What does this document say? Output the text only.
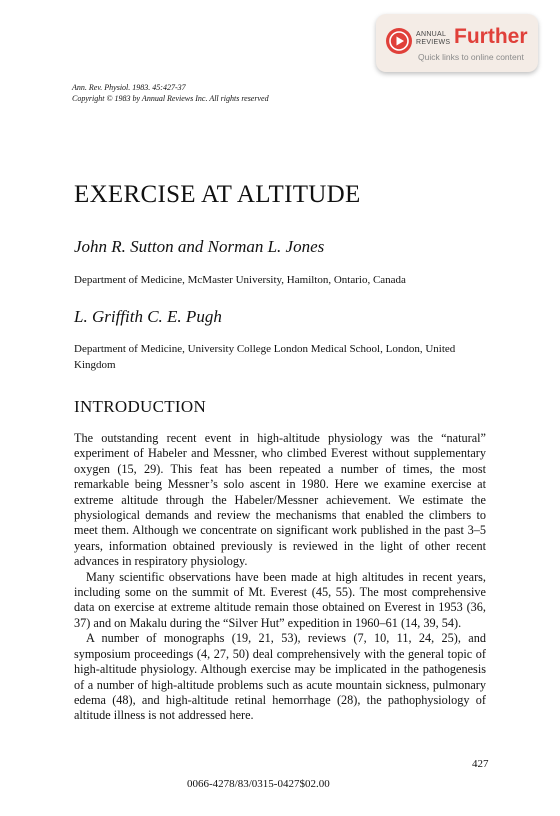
ANNUAL
REVIEWS Further
Quick links to online content
Ann. Rev. Physiol. 1983. 45:427-37
Copyright © 1983 by Annual Reviews Inc. All rights reserved
EXERCISE AT ALTITUDE
John R. Sutton and Norman L. Jones
Department of Medicine, McMaster University, Hamilton, Ontario, Canada
L. Griffith C. E. Pugh
Department of Medicine, University College London Medical School, London, United Kingdom
INTRODUCTION

The outstanding recent event in high-altitude physiology was the “natural” experiment of Habeler and Messner, who climbed Everest without supplementary oxygen (15, 29). This feat has been repeated a number of times, the most remarkable being Messner’s solo ascent in 1980. Here we examine exercise at extreme altitude through the Habeler/Messner achievement. We estimate the physiological demands and review the mechanisms that enabled the climbers to meet them. Although we concentrate on significant work published in the past 3–5 years, information obtained previously is reviewed in the light of other recent advances in respiratory physiology.

Many scientific observations have been made at high altitudes in recent years, including some on the summit of Mt. Everest (45, 55). The most comprehensive data on exercise at extreme altitude remain those obtained on Everest in 1953 (36, 37) and on Makalu during the “Silver Hut” expedition in 1960–61 (14, 39, 54).

A number of monographs (19, 21, 53), reviews (7, 10, 11, 24, 25), and symposium proceedings (4, 27, 50) deal comprehensively with the general topic of high-altitude physiology. Although exercise may be implicated in the pathogenesis of a number of high-altitude problems such as acute mountain sickness, pulmonary edema (48), and high-altitude retinal hemorrhage (28), the pathophysiology of altitude illness is not addressed here.

427
0066-4278/83/0315-0427$02.00
